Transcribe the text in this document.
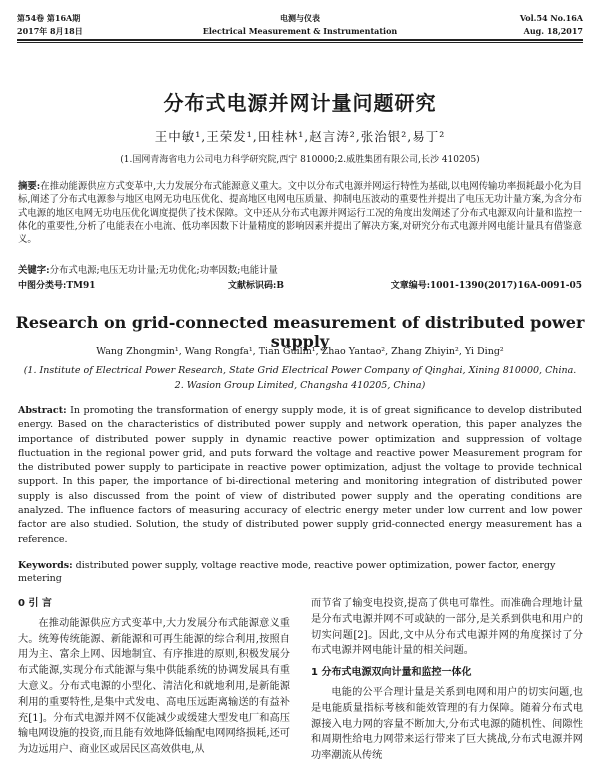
第54卷 第16A期	电测与仪表	Vol.54 No.16A
2017年 8月18日	Electrical Measurement & Instrumentation	Aug. 18,2017
分布式电源并网计量问题研究
王中敏¹,王荣发¹,田桂林¹,赵言涛²,张治银²,易丁²
(1.国网青海省电力公司电力科学研究院,西宁 810000;2.威胜集团有限公司,长沙 410205)
摘要:在推动能源供应方式变革中,大力发展分布式能源意义重大。文中以分布式电源并网运行特性为基础,以电网传输功率损耗最小化为目标,阐述了分布式电源参与地区电网无功电压优化、提高地区电网电压质量、抑制电压波动的重要性并提出了电压无功计量方案,为含分布式电源的地区电网无功电压优化调度提供了技术保障。文中还从分布式电源并网运行工况的角度出发阐述了分布式电源双向计量和监控一体化的重要性,分析了电能表在小电流、低功率因数下计量精度的影响因素并提出了解决方案,对研究分布式电源并网电能计量具有借鉴意义。
关键字:分布式电源;电压无功计量;无功优化;功率因数;电能计量
中图分类号:TM91	文献标识码:B	文章编号:1001-1390(2017)16A-0091-05
Research on grid-connected measurement of distributed power supply
Wang Zhongmin¹, Wang Rongfa¹, Tian Guilin¹, Zhao Yantao², Zhang Zhiyin², Yi Ding²
(1. Institute of Electrical Power Research, State Grid Electrical Power Company of Qinghai, Xining 810000, China.
2. Wasion Group Limited, Changsha 410205, China)
Abstract: In promoting the transformation of energy supply mode, it is of great significance to develop distributed energy. Based on the characteristics of distributed power supply and network operation, this paper analyzes the importance of distributed power supply in dynamic reactive power optimization and suppression of voltage fluctuation in the regional power grid, and puts forward the voltage and reactive power Measurement program for the distributed power supply to participate in reactive power optimization, adjust the voltage to provide technical support. In this paper, the importance of bi-directional metering and monitoring integration of distributed power supply is also discussed from the point of view of distributed power supply and the operating conditions are analyzed. The influence factors of measuring accuracy of electric energy meter under low current and low power factor are also studied. Solution, the study of distributed power supply grid-connected energy measurement has a reference.
Keywords: distributed power supply, voltage reactive mode, reactive power optimization, power factor, energy metering
0 引 言

在推动能源供应方式变革中,大力发展分布式能源意义重大。统筹传统能源、新能源和可再生能源的综合利用,按照自用为主、富余上网、因地制宜、有序推进的原则,积极发展分布式能源,实现分布式能源与集中供能系统的协调发展具有重大意义。分布式电源的小型化、清洁化和就地利用,是新能源利用的重要特性,是集中式发电、高电压远距离输送的有益补充[1]。分布式电源并网不仅能减少或缓建大型发电厂和高压输电网设施的投资,而且能有效地降低输配电网网络损耗,还可为边远用户、商业区或居民区高效供电,从

而节省了输变电投资,提高了供电可靠性。而准确合理地计量是分布式电源并网不可或缺的一部分,是关系到供电和用户的切实问题[2]。因此,文中从分布式电源并网的角度探讨了分布式电源并网电能计量的相关问题。

1 分布式电源双向计量和监控一体化

电能的公平合理计量是关系到电网和用户的切实问题,也是电能质量指标考核和能效管理的有力保障。随着分布式电源接入电力网的容量不断加大,分布式电源的随机性、间隙性和周期性给电力网带来运行带来了巨大挑战,分布式电源并网功率潮流从传统
